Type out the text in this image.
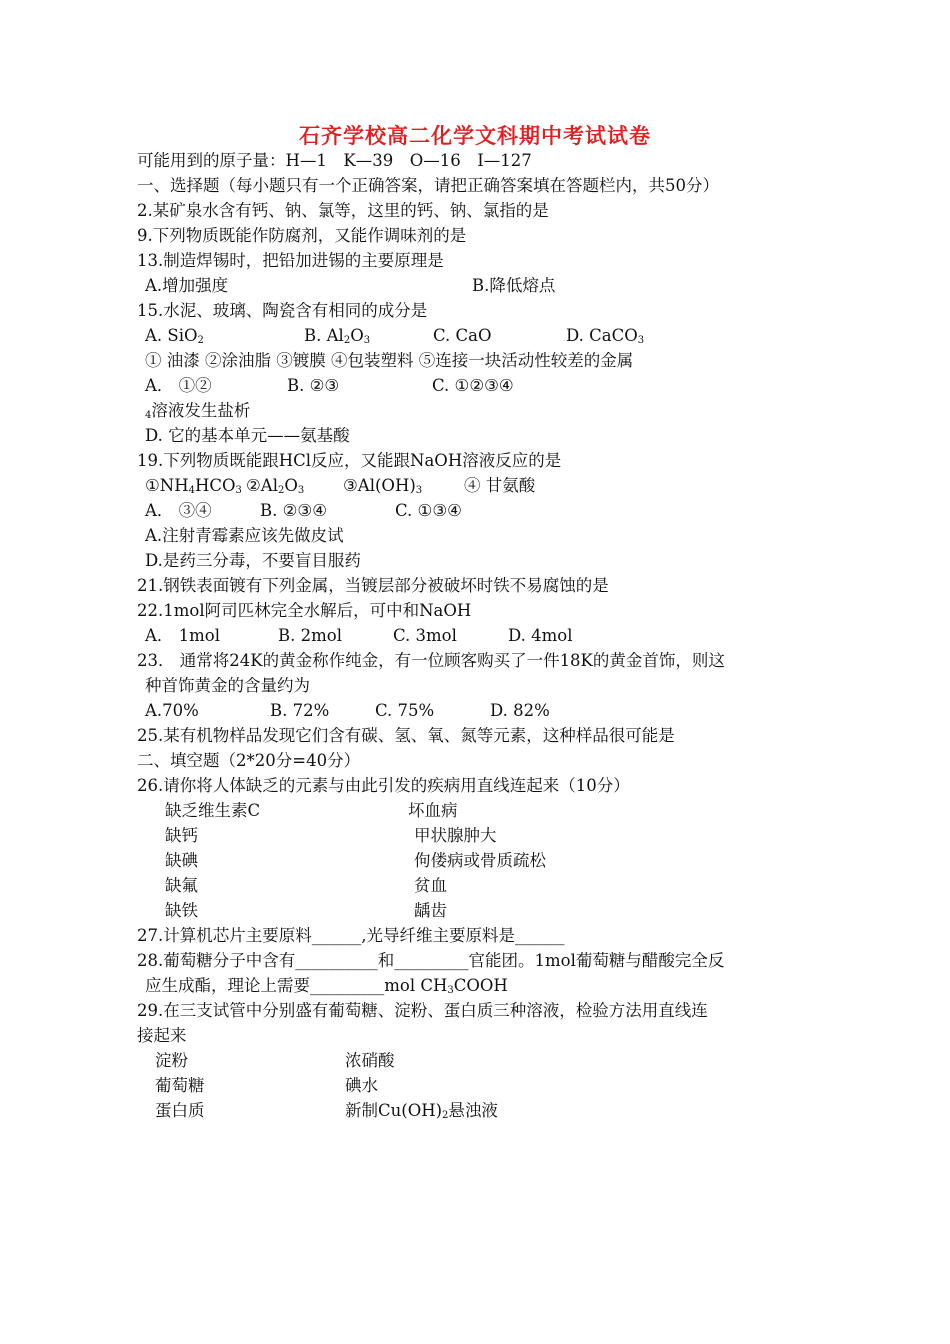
石齐学校高二化学文科期中考试试卷
可能用到的原子量：H—1　K—39　O—16　I—127
一、选择题（每小题只有一个正确答案，请把正确答案填在答题栏内，共50分）
2.某矿泉水含有钙、钠、氯等，这里的钙、钠、氯指的是
9.下列物质既能作防腐剂，又能作调味剂的是
13.制造焊锡时，把铅加进锡的主要原理是
A.增加强度	B.降低熔点
15.水泥、玻璃、陶瓷含有相同的成分是
A. SiO$_2$	B. $Al_2O_3$	C. CaO	D. CaCO$_3$
① 油漆 ②涂油脂 ③镀膜 ④包装塑料 ⑤连接一块活动性较差的金属
A． ①②	B. ②③	C. ①②③④
$_4$溶液发生盐析
D. 它的基本单元——氨基酸
19.下列物质既能跟HCl反应，又能跟NaOH溶液反应的是
$①NH_4HCO_3$ $②Al_2O_3$ $③Al(OH)_3$	④ 甘氨酸
A． ③④	B. ②③④	C. ①③④
A.注射青霉素应该先做皮试
D.是药三分毒，不要盲目服药
21.钢铁表面镀有下列金属，当镀层部分被破坏时铁不易腐蚀的是
22.1mol阿司匹林完全水解后，可中和NaOH
A． 1mol	B. 2mol	C. 3mol	D. 4mol
23． 通常将24K的黄金称作纯金，有一位顾客购买了一件18K的黄金首饰，则这
种首饰黄金的含量约为
A.70%	B. 72%	C. 75%	D. 82%
25.某有机物样品发现它们含有碳、氢、氧、氮等元素，这种样品很可能是
二、填空题（2*20分=40分）
26.请你将人体缺乏的元素与由此引发的疾病用直线连起来（10分）
缺乏维生素C	坏血病
缺钙	甲状腺肿大
缺碘	佝偻病或骨质疏松
缺氟	贫血
缺铁	龋齿
27.计算机芯片主要原料______,光导纤维主要原料是______
28.葡萄糖分子中含有__________和_________官能团。1mol葡萄糖与醋酸完全反
应生成酯，理论上需要_________mol $CH_3COOH$
29.在三支试管中分别盛有葡萄糖、淀粉、蛋白质三种溶液，检验方法用直线连
接起来
淀粉	浓硝酸
葡萄糖	碘水
蛋白质	新制$Cu(OH)_2$悬浊液
